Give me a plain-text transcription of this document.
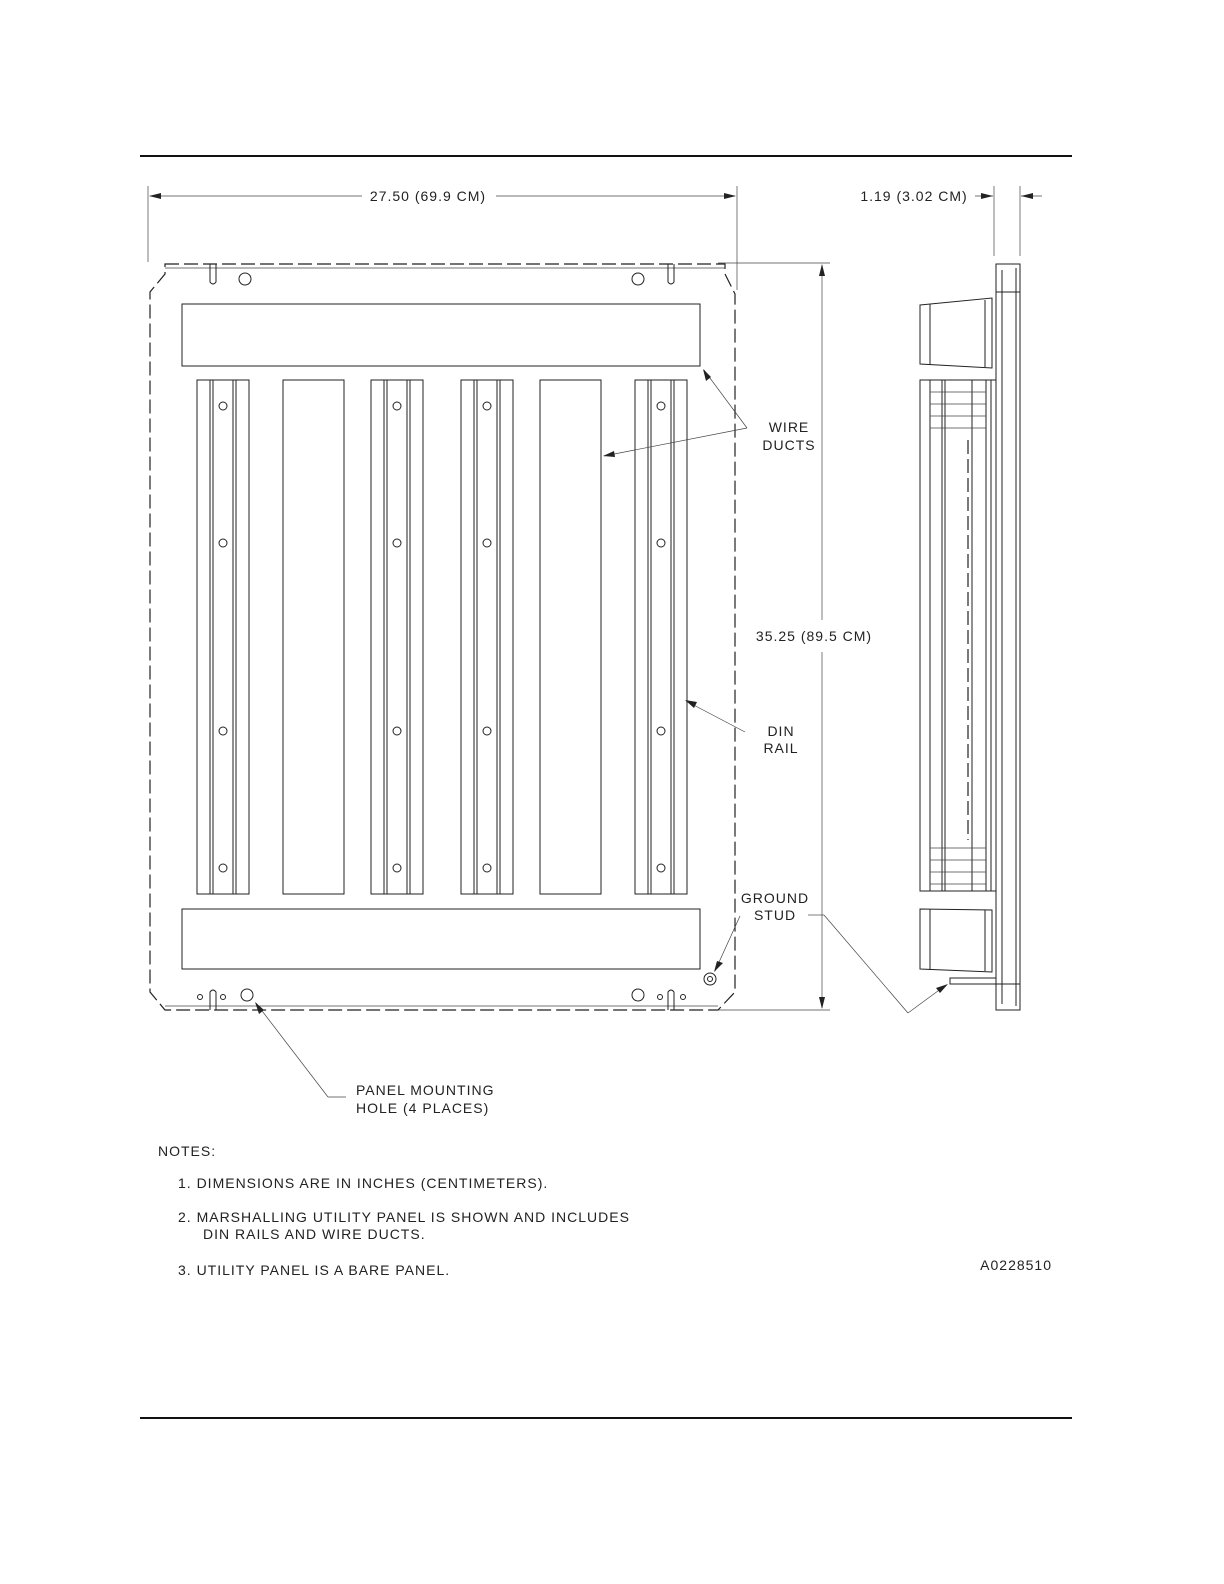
27.50 (69.9 CM)	1.19 (3.02 CM)
35.25 (89.5 CM)
WIRE
DUCTS
DIN
RAIL
GROUND
STUD
PANEL MOUNTING
HOLE (4 PLACES)
NOTES:
1. DIMENSIONS ARE IN INCHES (CENTIMETERS).
2. MARSHALLING UTILITY PANEL IS SHOWN AND INCLUDES
DIN RAILS AND WIRE DUCTS.
3. UTILITY PANEL IS A BARE PANEL.	A0228510
